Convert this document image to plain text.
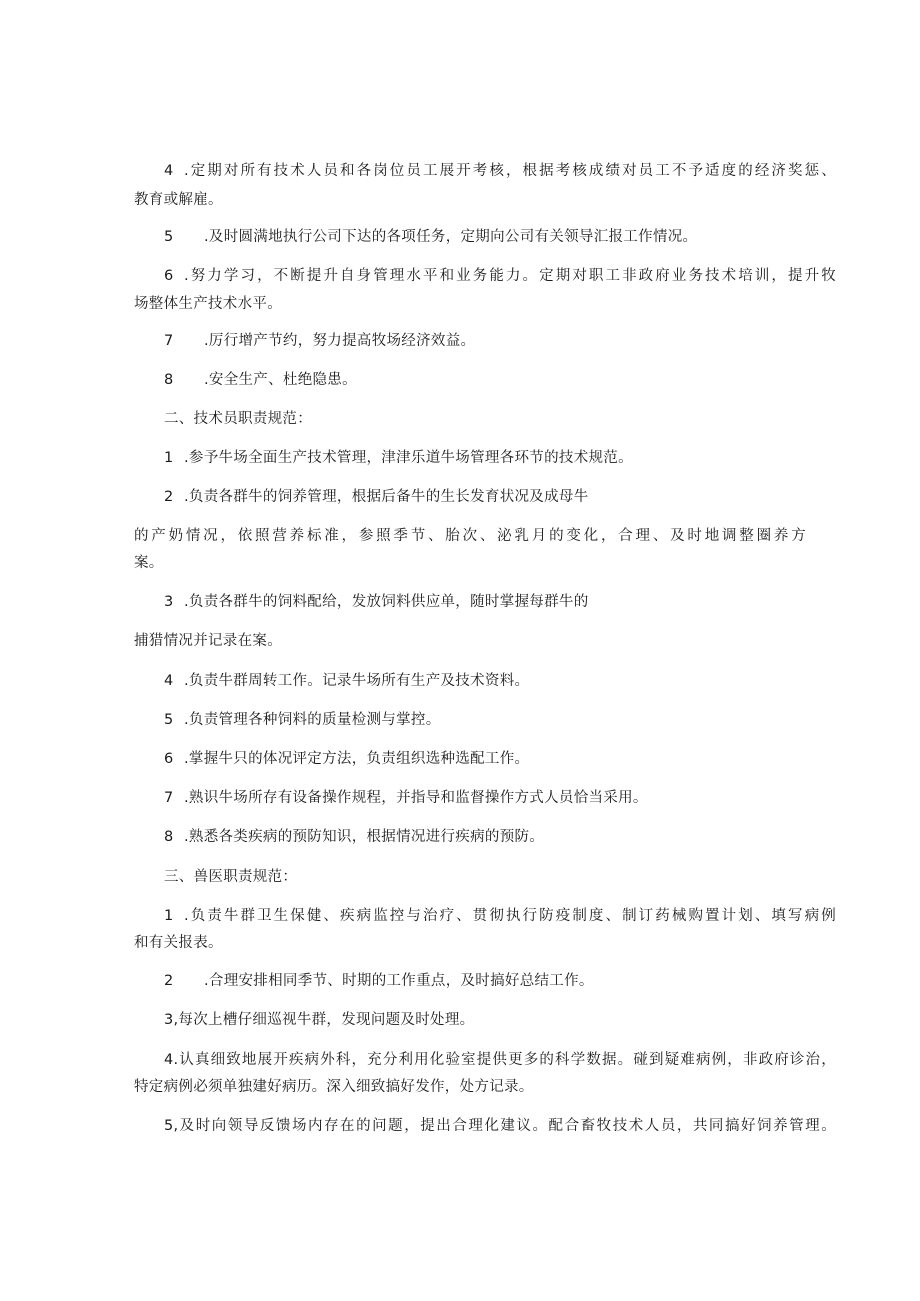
4 .定期对所有技术人员和各岗位员工展开考核，根据考核成绩对员工不予适度的经济奖惩、
教育或解雇。
5 .及时圆满地执行公司下达的各项任务，定期向公司有关领导汇报工作情况。
6 .努力学习，不断提升自身管理水平和业务能力。定期对职工非政府业务技术培训，提升牧
场整体生产技术水平。
7 .厉行增产节约，努力提高牧场经济效益。
8 .安全生产、杜绝隐患。
二、技术员职责规范：
1 .参予牛场全面生产技术管理，津津乐道牛场管理各环节的技术规范。
2 .负责各群牛的饲养管理，根据后备牛的生长发育状况及成母牛
的产奶情况，依照营养标准，参照季节、胎次、泌乳月的变化，合理、及时地调整圈养方
案。
3 .负责各群牛的饲料配给，发放饲料供应单，随时掌握每群牛的
捕猎情况并记录在案。
4 .负责牛群周转工作。记录牛场所有生产及技术资料。
5 .负责管理各种饲料的质量检测与掌控。
6 .掌握牛只的体况评定方法，负责组织选种选配工作。
7 .熟识牛场所存有设备操作规程，并指导和监督操作方式人员恰当采用。
8 .熟悉各类疾病的预防知识，根据情况进行疾病的预防。
三、兽医职责规范：
1 .负责牛群卫生保健、疾病监控与治疗、贯彻执行防疫制度、制订药械购置计划、填写病例
和有关报表。
2 .合理安排相同季节、时期的工作重点，及时搞好总结工作。
3,每次上槽仔细巡视牛群，发现问题及时处理。
4.认真细致地展开疾病外科，充分利用化验室提供更多的科学数据。碰到疑难病例，非政府诊治，
特定病例必须单独建好病历。深入细致搞好发作，处方记录。
5,及时向领导反馈场内存在的问题，提出合理化建议。配合畜牧技术人员，共同搞好饲养管理。
